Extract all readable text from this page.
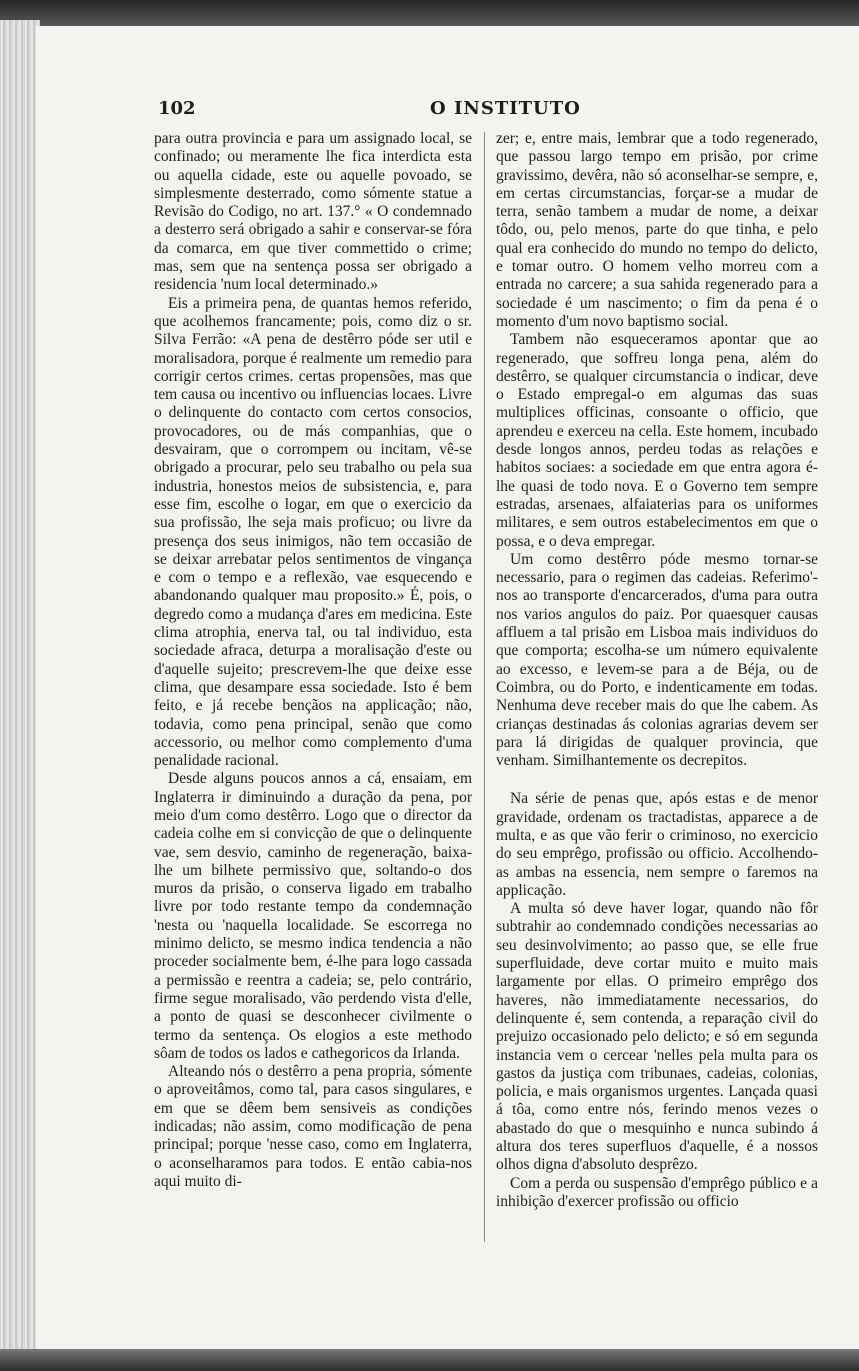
102	O INSTITUTO

para outra provincia e para um assignado local, se confinado; ou meramente lhe fica interdicta esta ou aquella cidade, este ou aquelle povoado, se simplesmente desterrado, como sómente statue a Revisão do Codigo, no art. 137.° « O condemnado a desterro será obrigado a sahir e conservar-se fóra da comarca, em que tiver commettido o crime; mas, sem que na sentença possa ser obrigado a residencia 'num local determinado.»

Eis a primeira pena, de quantas hemos referido, que acolhemos francamente; pois, como diz o sr. Silva Ferrão: «A pena de destêrro póde ser util e moralisadora, porque é realmente um remedio para corrigir certos crimes. certas propensões, mas que tem causa ou incentivo ou influencias locaes. Livre o delinquente do contacto com certos consocios, provocadores, ou de más companhias, que o desvairam, que o corrompem ou incitam, vê-se obrigado a procurar, pelo seu trabalho ou pela sua industria, honestos meios de subsistencia, e, para esse fim, escolhe o logar, em que o exercicio da sua profissão, lhe seja mais proficuo; ou livre da presença dos seus inimigos, não tem occasião de se deixar arrebatar pelos sentimentos de vingança e com o tempo e a reflexão, vae esquecendo e abandonando qualquer mau proposito.» É, pois, o degredo como a mudança d'ares em medicina. Este clima atrophia, enerva tal, ou tal individuo, esta sociedade afraca, deturpa a moralisação d'este ou d'aquelle sujeito; prescrevem-lhe que deixe esse clima, que desampare essa sociedade. Isto é bem feito, e já recebe bençãos na applicação; não, todavia, como pena principal, senão que como accessorio, ou melhor como complemento d'uma penalidade racional.

Desde alguns poucos annos a cá, ensaiam, em Inglaterra ir diminuindo a duração da pena, por meio d'um como destêrro. Logo que o director da cadeia colhe em si convicção de que o delinquente vae, sem desvio, caminho de regeneração, baixa-lhe um bilhete permissivo que, soltando-o dos muros da prisão, o conserva ligado em trabalho livre por todo restante tempo da condemnação 'nesta ou 'naquella localidade. Se escorrega no minimo delicto, se mesmo indica tendencia a não proceder socialmente bem, é-lhe para logo cassada a permissão e reentra a cadeia; se, pelo contrário, firme segue moralisado, vão perdendo vista d'elle, a ponto de quasi se desconhecer civilmente o termo da sentença. Os elogios a este methodo sôam de todos os lados e cathegoricos da Irlanda.

Alteando nós o destêrro a pena propria, sómente o aproveitâmos, como tal, para casos singulares, e em que se dêem bem sensiveis as condições indicadas; não assim, como modificação de pena principal; porque 'nesse caso, como em Inglaterra, o aconselharamos para todos. E então cabia-nos aqui muito di-

zer; e, entre mais, lembrar que a todo regenerado, que passou largo tempo em prisão, por crime gravissimo, devêra, não só aconselhar-se sempre, e, em certas circumstancias, forçar-se a mudar de terra, senão tambem a mudar de nome, a deixar tôdo, ou, pelo menos, parte do que tinha, e pelo qual era conhecido do mundo no tempo do delicto, e tomar outro. O homem velho morreu com a entrada no carcere; a sua sahida regenerado para a sociedade é um nascimento; o fim da pena é o momento d'um novo baptismo social.

Tambem não esqueceramos apontar que ao regenerado, que soffreu longa pena, além do destêrro, se qualquer circumstancia o indicar, deve o Estado empregal-o em algumas das suas multiplices officinas, consoante o officio, que aprendeu e exerceu na cella. Este homem, incubado desde longos annos, perdeu todas as relações e habitos sociaes: a sociedade em que entra agora é-lhe quasi de todo nova. E o Governo tem sempre estradas, arsenaes, alfaiaterias para os uniformes militares, e sem outros estabelecimentos em que o possa, e o deva empregar.

Um como destêrro póde mesmo tornar-se necessario, para o regimen das cadeias. Referimo'-nos ao transporte d'encarcerados, d'uma para outra nos varios angulos do paiz. Por quaesquer causas affluem a tal prisão em Lisboa mais individuos do que comporta; escolha-se um número equivalente ao excesso, e levem-se para a de Béja, ou de Coimbra, ou do Porto, e indenticamente em todas. Nenhuma deve receber mais do que lhe cabem. As crianças destinadas ás colonias agrarias devem ser para lá dirigidas de qualquer provincia, que venham. Similhantemente os decrepitos.

Na série de penas que, após estas e de menor gravidade, ordenam os tractadistas, apparece a de multa, e as que vão ferir o criminoso, no exercicio do seu emprêgo, profissão ou officio. Accolhendo-as ambas na essencia, nem sempre o faremos na applicação.

A multa só deve haver logar, quando não fôr subtrahir ao condemnado condições necessarias ao seu desinvolvimento; ao passo que, se elle frue superfluidade, deve cortar muito e muito mais largamente por ellas. O primeiro emprêgo dos haveres, não immediatamente necessarios, do delinquente é, sem contenda, a reparação civil do prejuizo occasionado pelo delicto; e só em segunda instancia vem o cercear 'nelles pela multa para os gastos da justiça com tribunaes, cadeias, colonias, policia, e mais organismos urgentes. Lançada quasi á tôa, como entre nós, ferindo menos vezes o abastado do que o mesquinho e nunca subindo á altura dos teres superfluos d'aquelle, é a nossos olhos digna d'absoluto desprêzo.

Com a perda ou suspensão d'emprêgo público e a inhibição d'exercer profissão ou officio
